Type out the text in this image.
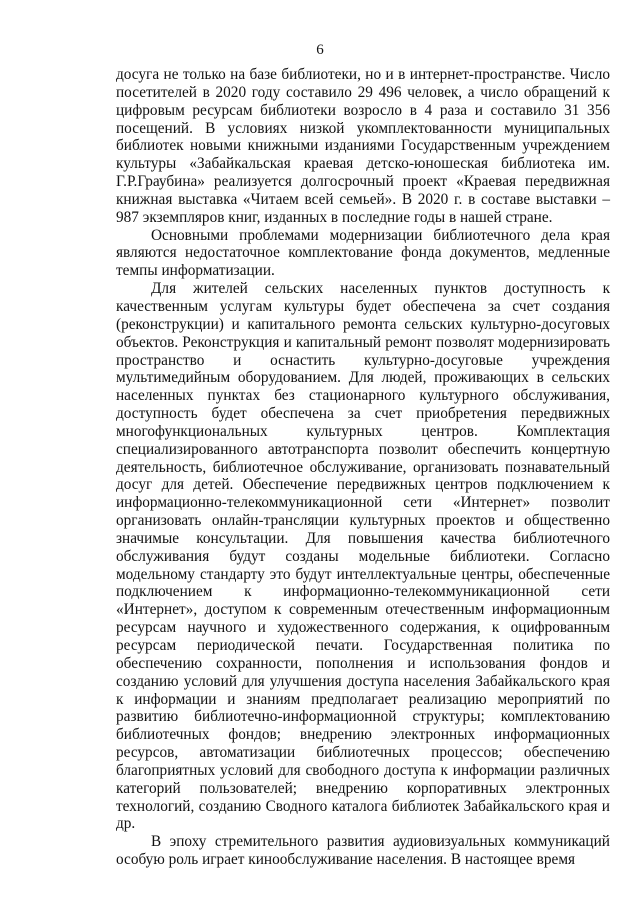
6

досуга не только на базе библиотеки, но и в интернет-пространстве. Число посетителей в 2020 году составило 29 496 человек, а число обращений к цифровым ресурсам библиотеки возросло в 4 раза и составило 31 356 посещений. В условиях низкой укомплектованности муниципальных библиотек новыми книжными изданиями Государственным учреждением культуры «Забайкальская краевая детско-юношеская библиотека им. Г.Р.Граубина» реализуется долгосрочный проект «Краевая передвижная книжная выставка «Читаем всей семьей». В 2020 г. в составе выставки – 987 экземпляров книг, изданных в последние годы в нашей стране.

Основными проблемами модернизации библиотечного дела края являются недостаточное комплектование фонда документов, медленные темпы информатизации.

Для жителей сельских населенных пунктов доступность к качественным услугам культуры будет обеспечена за счет создания (реконструкции) и капитального ремонта сельских культурно-досуговых объектов. Реконструкция и капитальный ремонт позволят модернизировать пространство и оснастить культурно-досуговые учреждения мультимедийным оборудованием. Для людей, проживающих в сельских населенных пунктах без стационарного культурного обслуживания, доступность будет обеспечена за счет приобретения передвижных многофункциональных культурных центров. Комплектация специализированного автотранспорта позволит обеспечить концертную деятельность, библиотечное обслуживание, организовать познавательный досуг для детей. Обеспечение передвижных центров подключением к информационно-телекоммуникационной сети «Интернет» позволит организовать онлайн-трансляции культурных проектов и общественно значимые консультации. Для повышения качества библиотечного обслуживания будут созданы модельные библиотеки. Согласно модельному стандарту это будут интеллектуальные центры, обеспеченные подключением к информационно-телекоммуникационной сети «Интернет», доступом к современным отечественным информационным ресурсам научного и художественного содержания, к оцифрованным ресурсам периодической печати. Государственная политика по обеспечению сохранности, пополнения и использования фондов и созданию условий для улучшения доступа населения Забайкальского края к информации и знаниям предполагает реализацию мероприятий по развитию библиотечно-информационной структуры; комплектованию библиотечных фондов; внедрению электронных информационных ресурсов, автоматизации библиотечных процессов; обеспечению благоприятных условий для свободного доступа к информации различных категорий пользователей; внедрению корпоративных электронных технологий, созданию Сводного каталога библиотек Забайкальского края и др.

В эпоху стремительного развития аудиовизуальных коммуникаций особую роль играет кинообслуживание населения. В настоящее время
